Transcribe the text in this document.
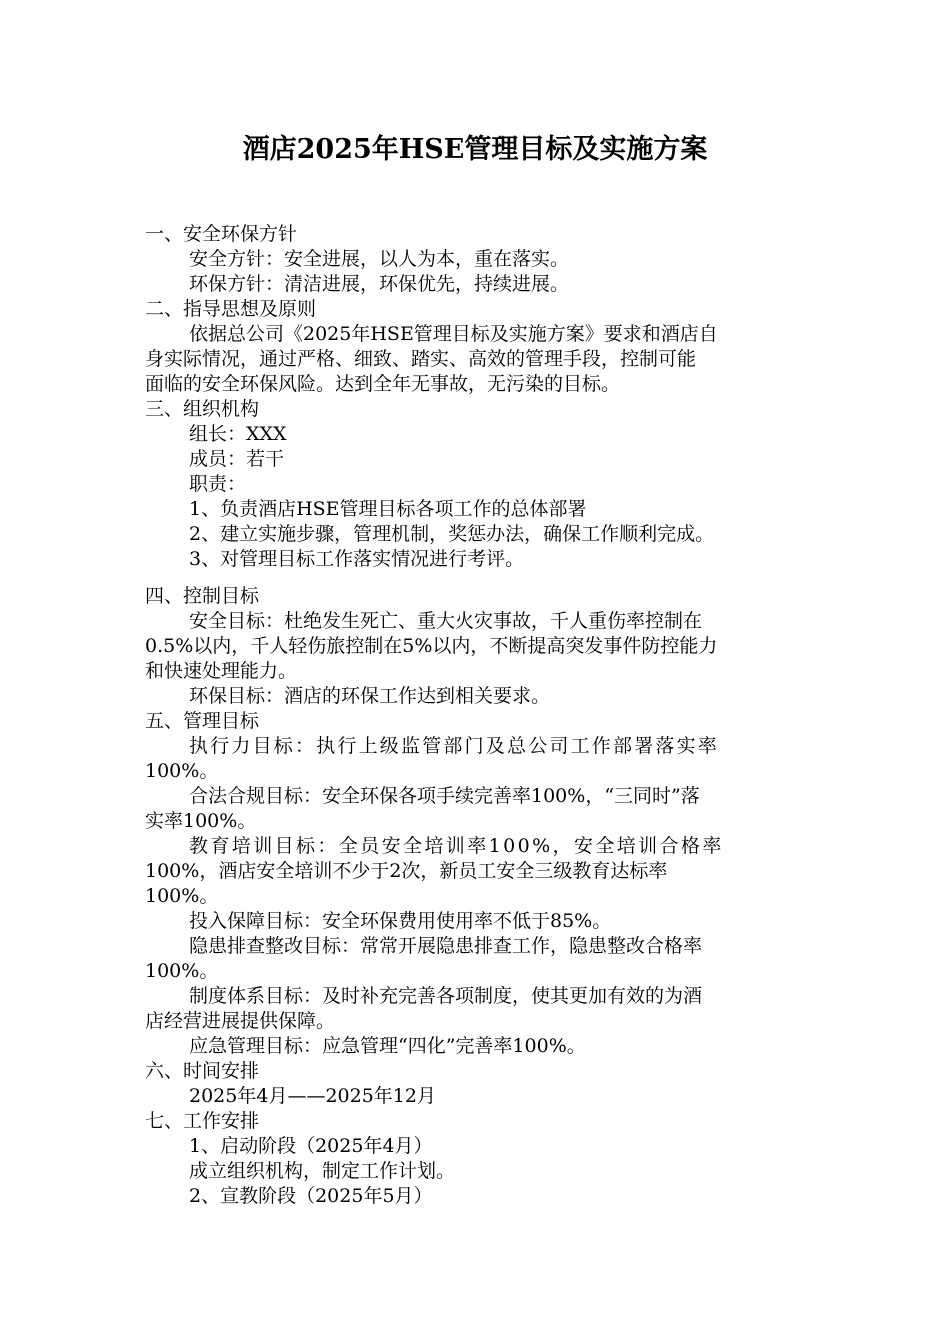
酒店2025年HSE管理目标及实施方案
一、安全环保方针
安全方针：安全进展，以人为本，重在落实。
环保方针：清洁进展，环保优先，持续进展。
二、指导思想及原则
依据总公司《2025年HSE管理目标及实施方案》要求和酒店自
身实际情况，通过严格、细致、踏实、高效的管理手段，控制可能
面临的安全环保风险。达到全年无事故，无污染的目标。
三、组织机构
组长：XXX
成员：若干
职责：
1、负责酒店HSE管理目标各项工作的总体部署
2、建立实施步骤，管理机制，奖惩办法，确保工作顺利完成。
3、对管理目标工作落实情况进行考评。
四、控制目标
安全目标：杜绝发生死亡、重大火灾事故，千人重伤率控制在
0.5%以内，千人轻伤旅控制在5%以内，不断提高突发事件防控能力
和快速处理能力。
环保目标：酒店的环保工作达到相关要求。
五、管理目标
执行力目标：执行上级监管部门及总公司工作部署落实率
100%。
合法合规目标：安全环保各项手续完善率100%，“三同时”落
实率100%。
教育培训目标：全员安全培训率100%，安全培训合格率
100%，酒店安全培训不少于2次，新员工安全三级教育达标率
100%。
投入保障目标：安全环保费用使用率不低于85%。
隐患排查整改目标：常常开展隐患排查工作，隐患整改合格率
100%。
制度体系目标：及时补充完善各项制度，使其更加有效的为酒
店经营进展提供保障。
应急管理目标：应急管理“四化”完善率100%。
六、时间安排
2025年4月——2025年12月
七、工作安排
1、启动阶段（2025年4月）
成立组织机构，制定工作计划。
2、宣教阶段（2025年5月）
